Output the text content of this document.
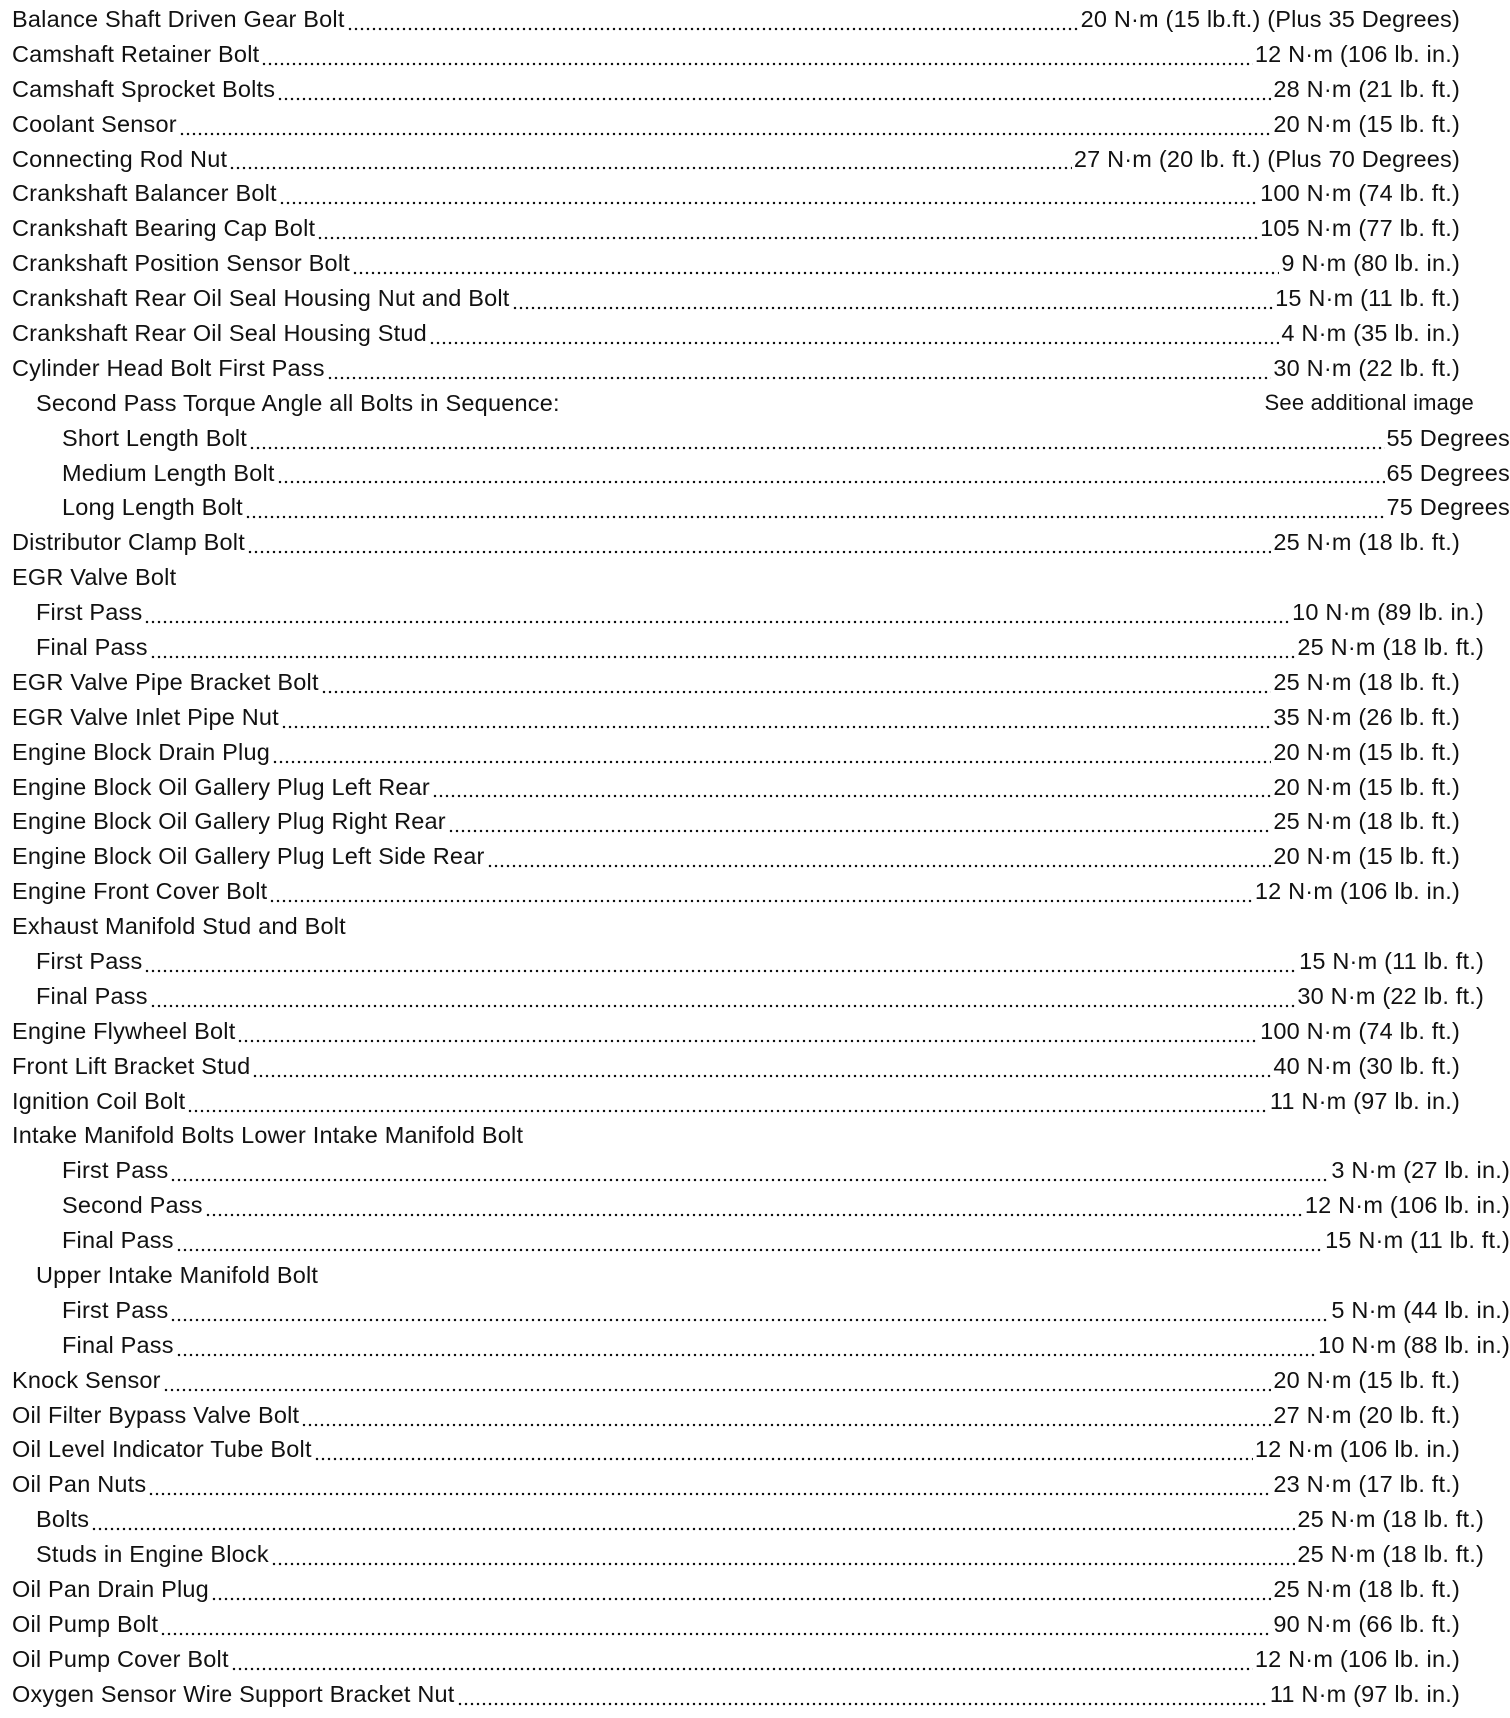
Balance Shaft Driven Gear Bolt	20 N·m (15 lb.ft.) (Plus 35 Degrees)
Camshaft Retainer Bolt	12 N·m (106 lb. in.)
Camshaft Sprocket Bolts	28 N·m (21 lb. ft.)
Coolant Sensor	20 N·m (15 lb. ft.)
Connecting Rod Nut	27 N·m (20 lb. ft.) (Plus 70 Degrees)
Crankshaft Balancer Bolt	100 N·m (74 lb. ft.)
Crankshaft Bearing Cap Bolt	105 N·m (77 lb. ft.)
Crankshaft Position Sensor Bolt	9 N·m (80 lb. in.)
Crankshaft Rear Oil Seal Housing Nut and Bolt	15 N·m (11 lb. ft.)
Crankshaft Rear Oil Seal Housing Stud	4 N·m (35 lb. in.)
Cylinder Head Bolt First Pass	30 N·m (22 lb. ft.)
Second Pass Torque Angle all Bolts in Sequence:	See additional image
Short Length Bolt	55 Degrees
Medium Length Bolt	65 Degrees
Long Length Bolt	75 Degrees
Distributor Clamp Bolt	25 N·m (18 lb. ft.)
EGR Valve Bolt
First Pass	10 N·m (89 lb. in.)
Final Pass	25 N·m (18 lb. ft.)
EGR Valve Pipe Bracket Bolt	25 N·m (18 lb. ft.)
EGR Valve Inlet Pipe Nut	35 N·m (26 lb. ft.)
Engine Block Drain Plug	20 N·m (15 lb. ft.)
Engine Block Oil Gallery Plug Left Rear	20 N·m (15 lb. ft.)
Engine Block Oil Gallery Plug Right Rear	25 N·m (18 lb. ft.)
Engine Block Oil Gallery Plug Left Side Rear	20 N·m (15 lb. ft.)
Engine Front Cover Bolt	12 N·m (106 lb. in.)
Exhaust Manifold Stud and Bolt
First Pass	15 N·m (11 lb. ft.)
Final Pass	30 N·m (22 lb. ft.)
Engine Flywheel Bolt	100 N·m (74 lb. ft.)
Front Lift Bracket Stud	40 N·m (30 lb. ft.)
Ignition Coil Bolt	11 N·m (97 lb. in.)
Intake Manifold Bolts Lower Intake Manifold Bolt
First Pass	3 N·m (27 lb. in.)
Second Pass	12 N·m (106 lb. in.)
Final Pass	15 N·m (11 lb. ft.)
Upper Intake Manifold Bolt
First Pass	5 N·m (44 lb. in.)
Final Pass	10 N·m (88 lb. in.)
Knock Sensor	20 N·m (15 lb. ft.)
Oil Filter Bypass Valve Bolt	27 N·m (20 lb. ft.)
Oil Level Indicator Tube Bolt	12 N·m (106 lb. in.)
Oil Pan Nuts	23 N·m (17 lb. ft.)
Bolts	25 N·m (18 lb. ft.)
Studs in Engine Block	25 N·m (18 lb. ft.)
Oil Pan Drain Plug	25 N·m (18 lb. ft.)
Oil Pump Bolt	90 N·m (66 lb. ft.)
Oil Pump Cover Bolt	12 N·m (106 lb. in.)
Oxygen Sensor Wire Support Bracket Nut	11 N·m (97 lb. in.)
